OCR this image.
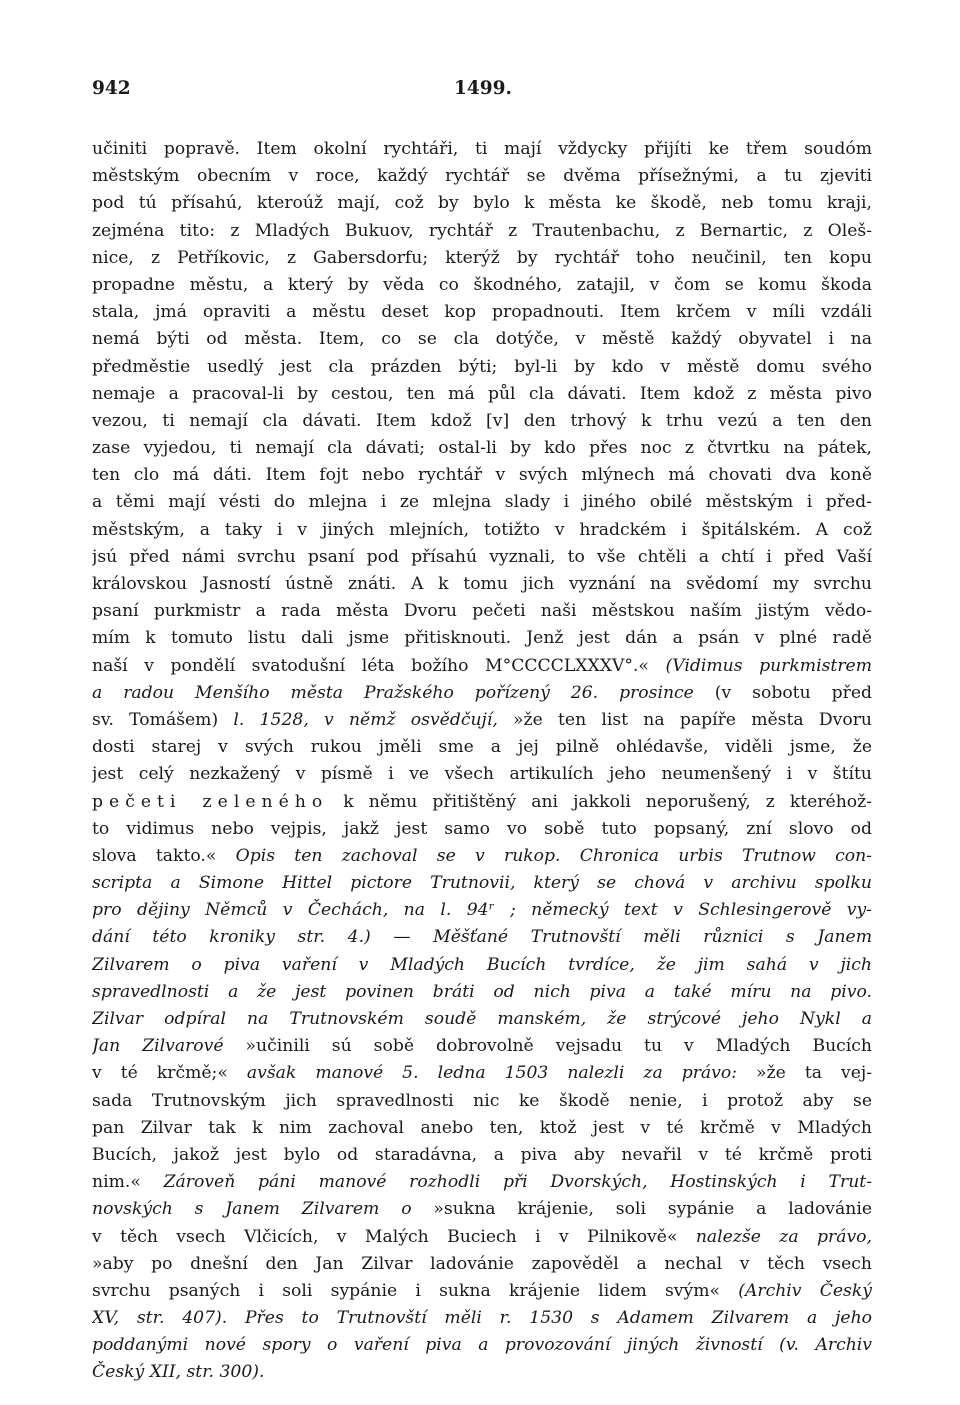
942	1499.
učiniti popravě. Item okolní rychtáři, ti mají vždycky přijíti ke třem soudóm
městským obecním v roce, každý rychtář se dvěma přísežnými, a tu zjeviti
pod tú přísahú, kteroúž mají, což by bylo k města ke škodě, neb tomu kraji,
zejména tito: z Mladých Bukuov, rychtář z Trautenbachu, z Bernartic, z Oleš-
nice, z Petříkovic, z Gabersdorfu; kterýž by rychtář toho neučinil, ten kopu
propadne městu, a který by věda co škodného, zatajil, v čom se komu škoda
stala, jmá opraviti a městu deset kop propadnouti. Item krčem v míli vzdáli
nemá býti od města. Item, co se cla dotýče, v městě každý obyvatel i na
předměstie usedlý jest cla prázden býti; byl-li by kdo v městě domu svého
nemaje a pracoval-li by cestou, ten má půl cla dávati. Item kdož z města pivo
vezou, ti nemají cla dávati. Item kdož [v] den trhový k trhu vezú a ten den
zase vyjedou, ti nemají cla dávati; ostal-li by kdo přes noc z čtvrtku na pátek,
ten clo má dáti. Item fojt nebo rychtář v svých mlýnech má chovati dva koně
a těmi mají vésti do mlejna i ze mlejna slady i jiného obilé městským i před-
městským, a taky i v jiných mlejních, totižto v hradckém i špitálském. A což
jsú před námi svrchu psaní pod přísahú vyznali, to vše chtěli a chtí i před Vaší
královskou Jasností ústně znáti. A k tomu jich vyznání na svědomí my svrchu
psaní purkmistr a rada města Dvoru pečeti naši městskou naším jistým vědo-
mím k tomuto listu dali jsme přitisknouti. Jenž jest dán a psán v plné radě
naší v pondělí svatodušní léta božího M°CCCCLXXXV°.« (Vidimus purkmistrem
a radou Menšího města Pražského pořízený 26. prosince (v sobotu před
sv. Tomášem) l. 1528, v němž osvědčují, »že ten list na papíře města Dvoru
dosti starej v svých rukou jměli sme a jej pilně ohlédavše, viděli jsme, že
jest celý nezkažený v písmě i ve všech artikulích jeho neumenšený i v štítu
pečeti zeleného k němu přitištěný ani jakkoli neporušený, z kteréhož-
to vidimus nebo vejpis, jakž jest samo vo sobě tuto popsaný, zní slovo od
slova takto.« Opis ten zachoval se v rukop. Chronica urbis Trutnow con-
scripta a Simone Hittel pictore Trutnovii, který se chová v archivu spolku
pro dějiny Němců v Čechách, na l. 94ʳ ; německý text v Schlesingerově vy-
dání této kroniky str. 4.) — Měšťané Trutnovští měli různici s Janem
Zilvarem o piva vaření v Mladých Bucích tvrdíce, že jim sahá v jich
spravedlnosti a že jest povinen bráti od nich piva a také míru na pivo.
Zilvar odpíral na Trutnovském soudě manském, že strýcové jeho Nykl a
Jan Zilvarové »učinili sú sobě dobrovolně vejsadu tu v Mladých Bucích
v té krčmě;« avšak manové 5. ledna 1503 nalezli za právo: »že ta vej-
sada Trutnovským jich spravedlnosti nic ke škodě nenie, i protož aby se
pan Zilvar tak k nim zachoval anebo ten, ktož jest v té krčmě v Mladých
Bucích, jakož jest bylo od staradávna, a piva aby nevařil v té krčmě proti
nim.« Zároveň páni manové rozhodli při Dvorských, Hostinských i Trut-
novských s Janem Zilvarem o »sukna krájenie, soli sypánie a ladovánie
v těch vsech Vlčicích, v Malých Buciech i v Pilnikově« nalezše za právo,
»aby po dnešní den Jan Zilvar ladovánie zapověděl a nechal v těch vsech
svrchu psaných i soli sypánie i sukna krájenie lidem svým« (Archiv Český
XV, str. 407). Přes to Trutnovští měli r. 1530 s Adamem Zilvarem a jeho
poddanými nové spory o vaření piva a provozování jiných živností (v. Archiv
Český XII, str. 300).
